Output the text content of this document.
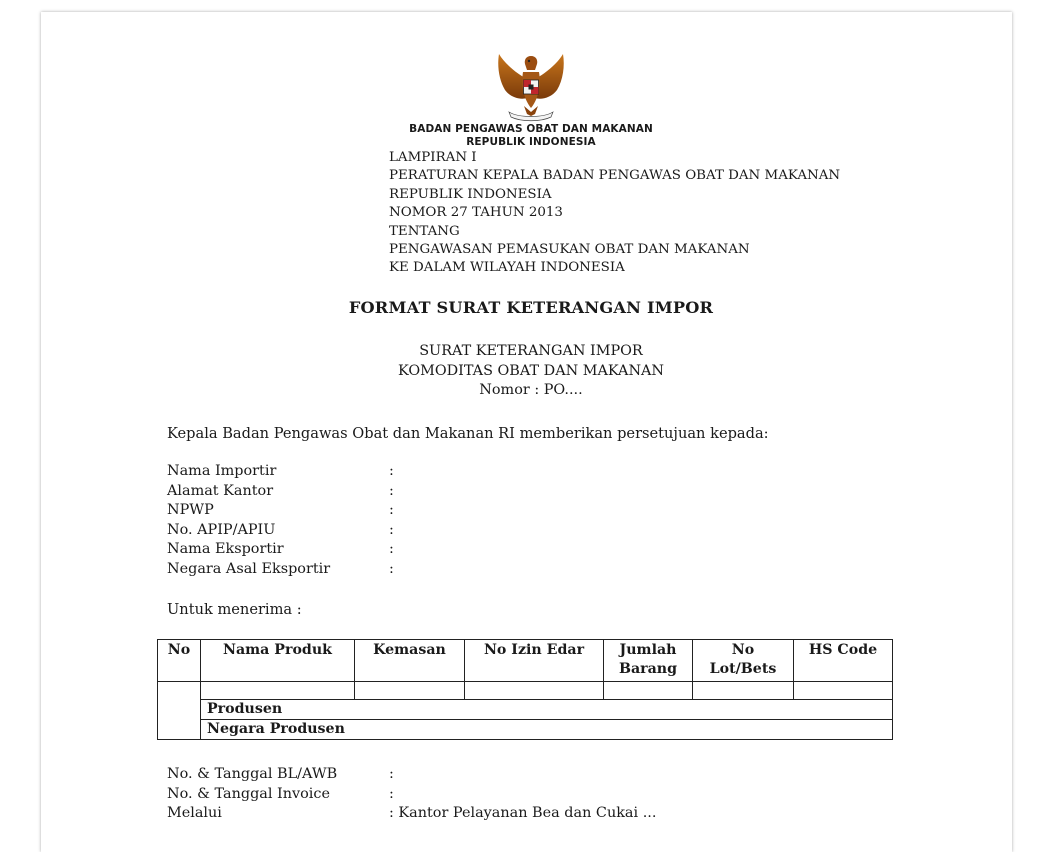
BADAN PENGAWAS OBAT DAN MAKANAN
REPUBLIK INDONESIA
LAMPIRAN I
PERATURAN KEPALA BADAN PENGAWAS OBAT DAN MAKANAN
REPUBLIK INDONESIA
NOMOR 27 TAHUN 2013
TENTANG
PENGAWASAN PEMASUKAN OBAT DAN MAKANAN
KE DALAM WILAYAH INDONESIA
FORMAT SURAT KETERANGAN IMPOR
SURAT KETERANGAN IMPOR
KOMODITAS OBAT DAN MAKANAN
Nomor : PO....
Kepala Badan Pengawas Obat dan Makanan RI memberikan persetujuan kepada:
Nama Importir	:
Alamat Kantor	:
NPWP	:
No. APIP/APIU	:
Nama Eksportir	:
Negara Asal Eksportir	:
Untuk menerima :
No	Nama Produk	Kemasan	No Izin Edar	Jumlah Barang	No Lot/Bets	HS Code

	Produsen					
	Negara Produsen					
No. & Tanggal BL/AWB	:
No. & Tanggal Invoice	:
Melalui	: Kantor Pelayanan Bea dan Cukai ...
